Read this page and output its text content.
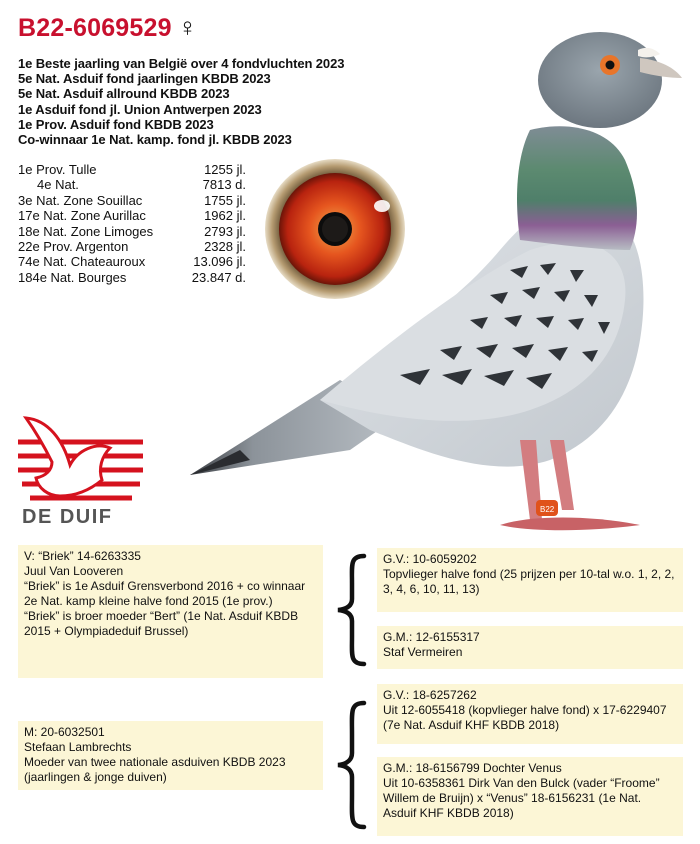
B22-6069529 ♀
1e Beste jaarling van België over 4 fondvluchten 2023
5e Nat. Asduif fond jaarlingen KBDB 2023
5e Nat. Asduif allround KBDB 2023
1e Asduif fond jl. Union Antwerpen 2023
1e Prov. Asduif fond KBDB 2023
Co-winnaar 1e Nat. kamp. fond jl. KBDB 2023
1e Prov. Tulle	1255 jl.
4e Nat.	7813 d.
3e Nat. Zone Souillac	1755 jl.
17e Nat. Zone Aurillac	1962 jl.
18e Nat. Zone Limoges	2793 jl.
22e Prov. Argenton	2328 jl.
74e Nat. Chateauroux	13.096 jl.
184e Nat. Bourges	23.847 d.
B22
DE DUIF
V: “Briek” 14-6263335
Juul Van Looveren
“Briek” is 1e Asduif Grensverbond 2016 + co winnaar 2e Nat. kamp kleine halve fond 2015 (1e prov.)
“Briek” is broer moeder “Bert” (1e Nat. Asduif KBDB 2015 + Olympiadeduif Brussel)
M: 20-6032501
Stefaan Lambrechts
Moeder van twee nationale asduiven KBDB 2023 (jaarlingen & jonge duiven)
G.V.: 10-6059202
Topvlieger halve fond (25 prijzen per 10-tal w.o. 1, 2, 2, 3, 4, 6, 10, 11, 13)
G.M.: 12-6155317
Staf Vermeiren
G.V.: 18-6257262
Uit 12-6055418 (kopvlieger halve fond) x 17-6229407 (7e Nat. Asduif KHF KBDB 2018)
G.M.: 18-6156799 Dochter Venus
Uit 10-6358361 Dirk Van den Bulck (vader “Froome” Willem de Bruijn) x “Venus” 18-6156231 (1e Nat. Asduif KHF KBDB 2018)
